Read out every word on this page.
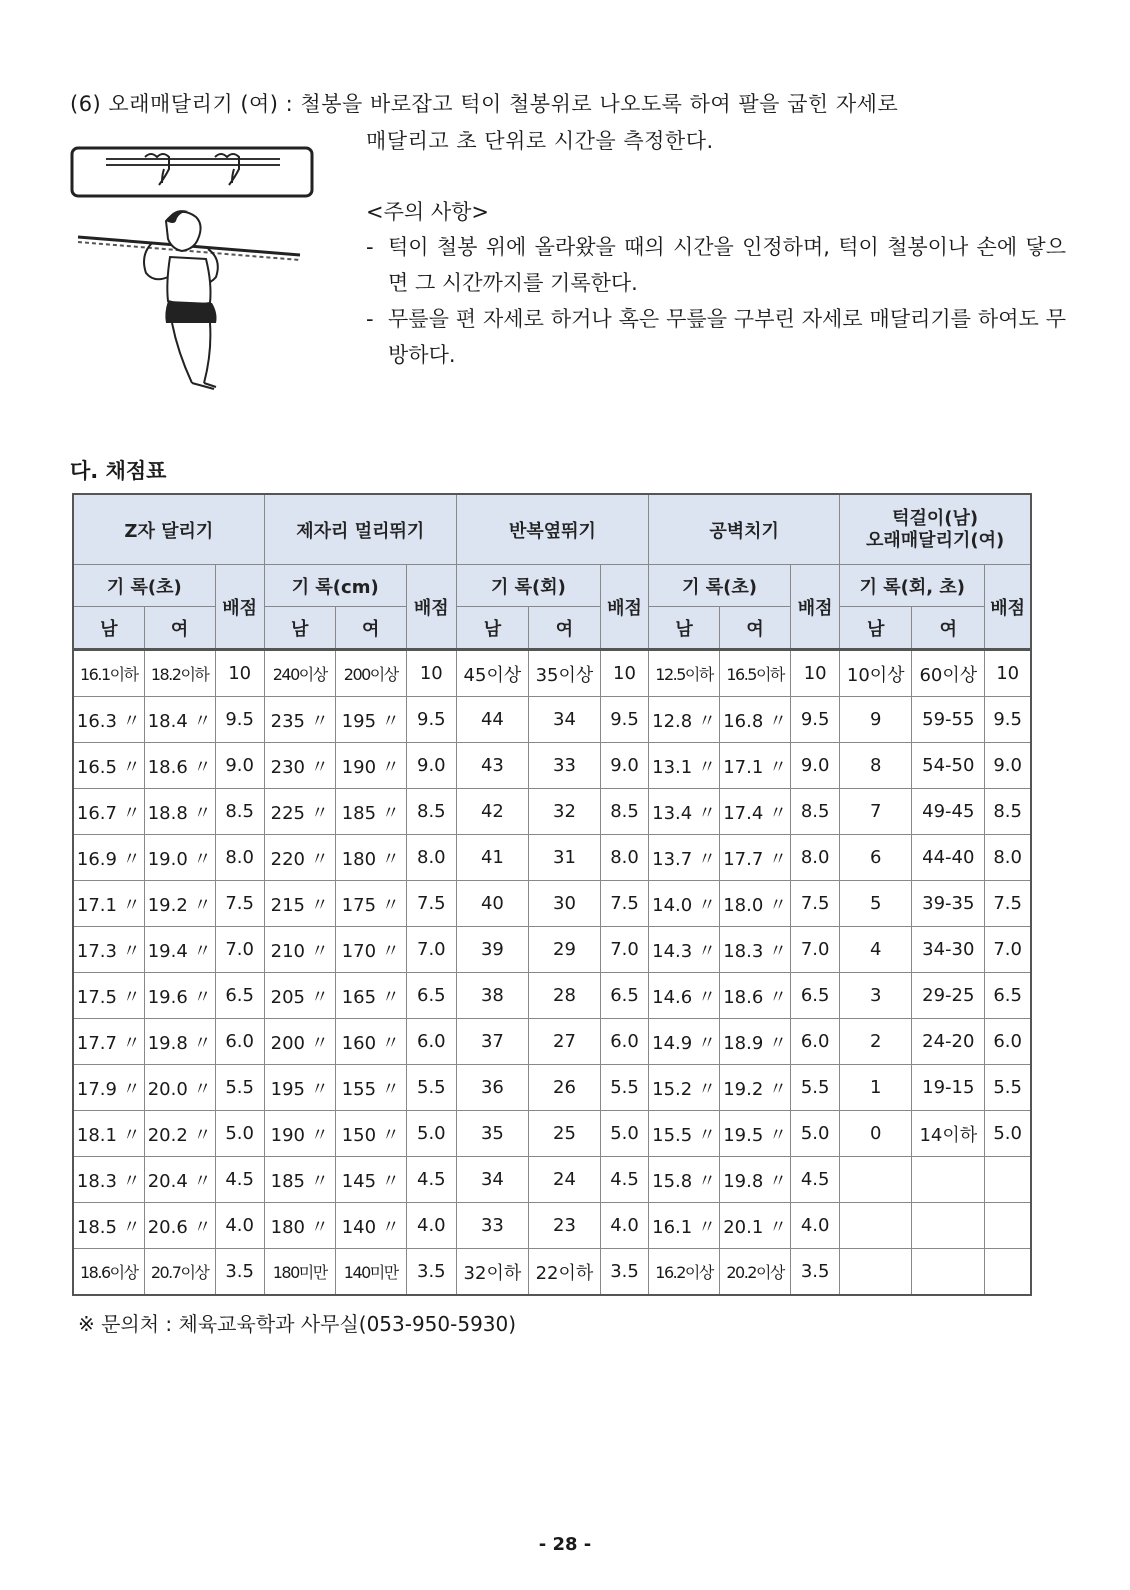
(6) 오래매달리기 (여) : 철봉을 바로잡고 턱이 철봉위로 나오도록 하여 팔을 굽힌 자세로
매달리고 초 단위로 시간을 측정한다.
<주의 사항>
- 턱이 철봉 위에 올라왔을 때의 시간을 인정하며, 턱이 철봉이나 손에 닿으면 그 시간까지를 기록한다.
- 무릎을 편 자세로 하거나 혹은 무릎을 구부린 자세로 매달리기를 하여도 무방하다.
다. 채점표
Z자 달리기			제자리 멀리뛰기			반복옆뛰기			공벽치기			턱걸이(남)
오래매달리기(여)		

기 록(초)		배점	기 록(cm)		배점	기 록(회)		배점	기 록(초)		배점	기 록(회, 초)		배점
남	여		남	여		남	여		남	여		남	여	
16.1이하	18.2이하	10	240이상	200이상	10	45이상	35이상	10	12.5이하	16.5이하	10	10이상	60이상	10
16.3 〃	18.4 〃	9.5	235 〃	195 〃	9.5	44	34	9.5	12.8 〃	16.8 〃	9.5	9	59-55	9.5
16.5 〃	18.6 〃	9.0	230 〃	190 〃	9.0	43	33	9.0	13.1 〃	17.1 〃	9.0	8	54-50	9.0
16.7 〃	18.8 〃	8.5	225 〃	185 〃	8.5	42	32	8.5	13.4 〃	17.4 〃	8.5	7	49-45	8.5
16.9 〃	19.0 〃	8.0	220 〃	180 〃	8.0	41	31	8.0	13.7 〃	17.7 〃	8.0	6	44-40	8.0
17.1 〃	19.2 〃	7.5	215 〃	175 〃	7.5	40	30	7.5	14.0 〃	18.0 〃	7.5	5	39-35	7.5
17.3 〃	19.4 〃	7.0	210 〃	170 〃	7.0	39	29	7.0	14.3 〃	18.3 〃	7.0	4	34-30	7.0
17.5 〃	19.6 〃	6.5	205 〃	165 〃	6.5	38	28	6.5	14.6 〃	18.6 〃	6.5	3	29-25	6.5
17.7 〃	19.8 〃	6.0	200 〃	160 〃	6.0	37	27	6.0	14.9 〃	18.9 〃	6.0	2	24-20	6.0
17.9 〃	20.0 〃	5.5	195 〃	155 〃	5.5	36	26	5.5	15.2 〃	19.2 〃	5.5	1	19-15	5.5
18.1 〃	20.2 〃	5.0	190 〃	150 〃	5.0	35	25	5.0	15.5 〃	19.5 〃	5.0	0	14이하	5.0
18.3 〃	20.4 〃	4.5	185 〃	145 〃	4.5	34	24	4.5	15.8 〃	19.8 〃	4.5			
18.5 〃	20.6 〃	4.0	180 〃	140 〃	4.0	33	23	4.0	16.1 〃	20.1 〃	4.0			
18.6이상	20.7이상	3.5	180미만	140미만	3.5	32이하	22이하	3.5	16.2이상	20.2이상	3.5			
※ 문의처 : 체육교육학과 사무실(053-950-5930)
- 28 -
